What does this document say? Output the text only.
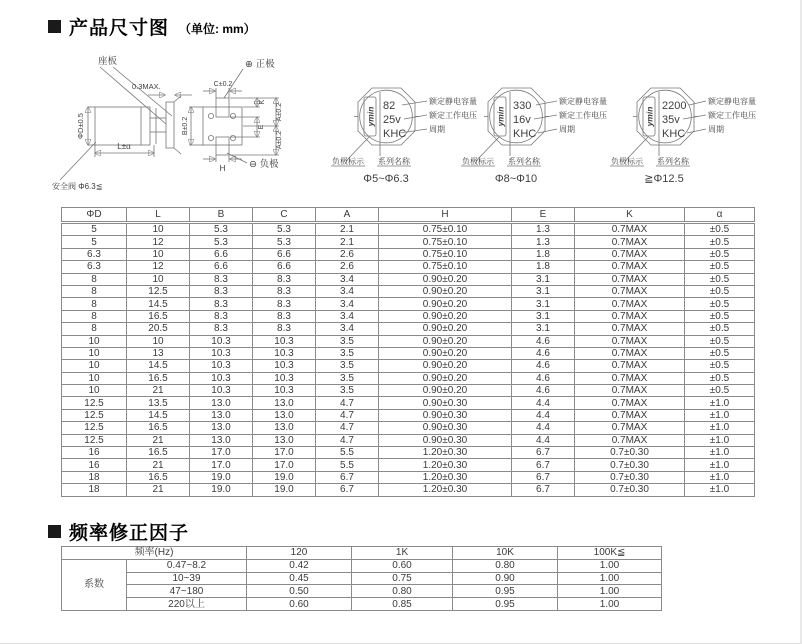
产品尺寸图 （单位: mm）
座板
0.3MAX.
ΦD±0.5
L±α
安全阀 Φ6.3≦
⊕ 正极
C±0.2
K
E
A±0.2
A±0.2
B±0.2
H ⊖ 负极
ymin
82
25v
KHC
额定静电容量
额定工作电压
周期
负极标示 系列名称
Φ5~Φ6.3
ymin
330
16v
KHC
额定静电容量
额定工作电压
周期
负极标示 系列名称
Φ8~Φ10
ymin
2200
35v
KHC
额定静电容量
额定工作电压
周期
负极标示 系列名称
≧Φ12.5
ΦD	L	B	C	A	H	E	K	α
5	10	5.3	5.3	2.1	0.75±0.10	1.3	0.7MAX	±0.5
5	12	5.3	5.3	2.1	0.75±0.10	1.3	0.7MAX	±0.5
6.3	10	6.6	6.6	2.6	0.75±0.10	1.8	0.7MAX	±0.5
6.3	12	6.6	6.6	2.6	0.75±0.10	1.8	0.7MAX	±0.5
8	10	8.3	8.3	3.4	0.90±0.20	3.1	0.7MAX	±0.5
8	12.5	8.3	8.3	3.4	0.90±0.20	3.1	0.7MAX	±0.5
8	14.5	8.3	8.3	3.4	0.90±0.20	3.1	0.7MAX	±0.5
8	16.5	8.3	8.3	3.4	0.90±0.20	3.1	0.7MAX	±0.5
8	20.5	8.3	8.3	3.4	0.90±0.20	3.1	0.7MAX	±0.5
10	10	10.3	10.3	3.5	0.90±0.20	4.6	0.7MAX	±0.5
10	13	10.3	10.3	3.5	0.90±0.20	4.6	0.7MAX	±0.5
10	14.5	10.3	10.3	3.5	0.90±0.20	4.6	0.7MAX	±0.5
10	16.5	10.3	10.3	3.5	0.90±0.20	4.6	0.7MAX	±0.5
10	21	10.3	10.3	3.5	0.90±0.20	4.6	0.7MAX	±0.5
12.5	13.5	13.0	13.0	4.7	0.90±0.30	4.4	0.7MAX	±1.0
12.5	14.5	13.0	13.0	4.7	0.90±0.30	4.4	0.7MAX	±1.0
12.5	16.5	13.0	13.0	4.7	0.90±0.30	4.4	0.7MAX	±1.0
12.5	21	13.0	13.0	4.7	0.90±0.30	4.4	0.7MAX	±1.0
16	16.5	17.0	17.0	5.5	1.20±0.30	6.7	0.7±0.30	±1.0
16	21	17.0	17.0	5.5	1.20±0.30	6.7	0.7±0.30	±1.0
18	16.5	19.0	19.0	6.7	1.20±0.30	6.7	0.7±0.30	±1.0
18	21	19.0	19.0	6.7	1.20±0.30	6.7	0.7±0.30	±1.0
频率修正因子
频率(Hz)		120	1K	10K	100K≦
系数	0.47~8.2	0.42	0.60	0.80	1.00
	10~39	0.45	0.75	0.90	1.00
	47~180	0.50	0.80	0.95	1.00
	220以上	0.60	0.85	0.95	1.00
